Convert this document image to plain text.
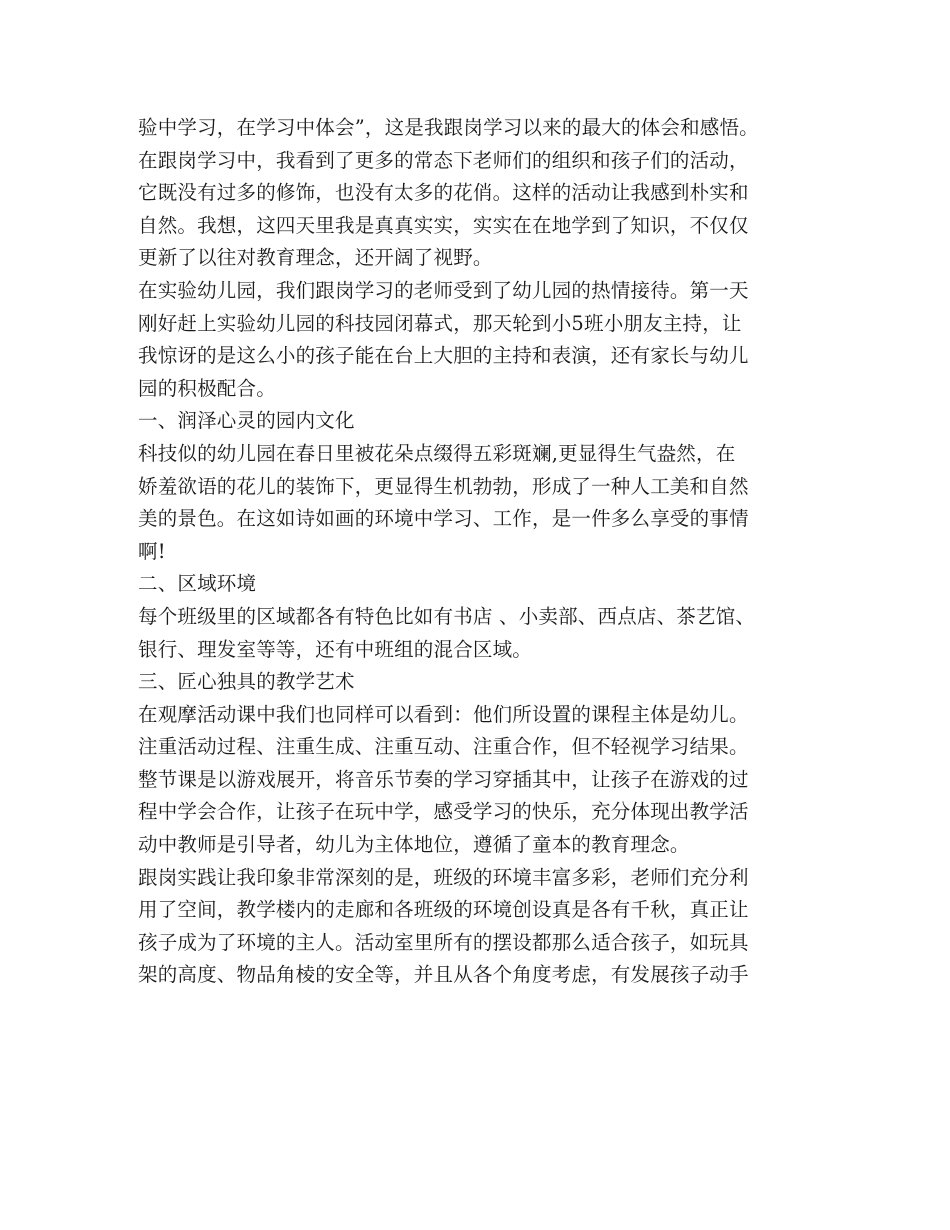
验中学习，在学习中体会”，这是我跟岗学习以来的最大的体会和感悟。
在跟岗学习中，我看到了更多的常态下老师们的组织和孩子们的活动，
它既没有过多的修饰，也没有太多的花俏。这样的活动让我感到朴实和
自然。我想，这四天里我是真真实实，实实在在地学到了知识，不仅仅
更新了以往对教育理念，还开阔了视野。
在实验幼儿园，我们跟岗学习的老师受到了幼儿园的热情接待。第一天
刚好赶上实验幼儿园的科技园闭幕式，那天轮到小5班小朋友主持，让
我惊讶的是这么小的孩子能在台上大胆的主持和表演，还有家长与幼儿
园的积极配合。
一、润泽心灵的园内文化
科技似的幼儿园在春日里被花朵点缀得五彩斑斓,更显得生气盎然，在
娇羞欲语的花儿的装饰下，更显得生机勃勃，形成了一种人工美和自然
美的景色。在这如诗如画的环境中学习、工作，是一件多么享受的事情
啊!
二、区域环境
每个班级里的区域都各有特色比如有书店 、小卖部、西点店、茶艺馆、
银行、理发室等等，还有中班组的混合区域。
三、匠心独具的教学艺术
在观摩活动课中我们也同样可以看到：他们所设置的课程主体是幼儿。
注重活动过程、注重生成、注重互动、注重合作，但不轻视学习结果。
整节课是以游戏展开，将音乐节奏的学习穿插其中，让孩子在游戏的过
程中学会合作，让孩子在玩中学，感受学习的快乐，充分体现出教学活
动中教师是引导者，幼儿为主体地位，遵循了童本的教育理念。
跟岗实践让我印象非常深刻的是，班级的环境丰富多彩，老师们充分利
用了空间，教学楼内的走廊和各班级的环境创设真是各有千秋，真正让
孩子成为了环境的主人。活动室里所有的摆设都那么适合孩子，如玩具
架的高度、物品角棱的安全等，并且从各个角度考虑，有发展孩子动手
